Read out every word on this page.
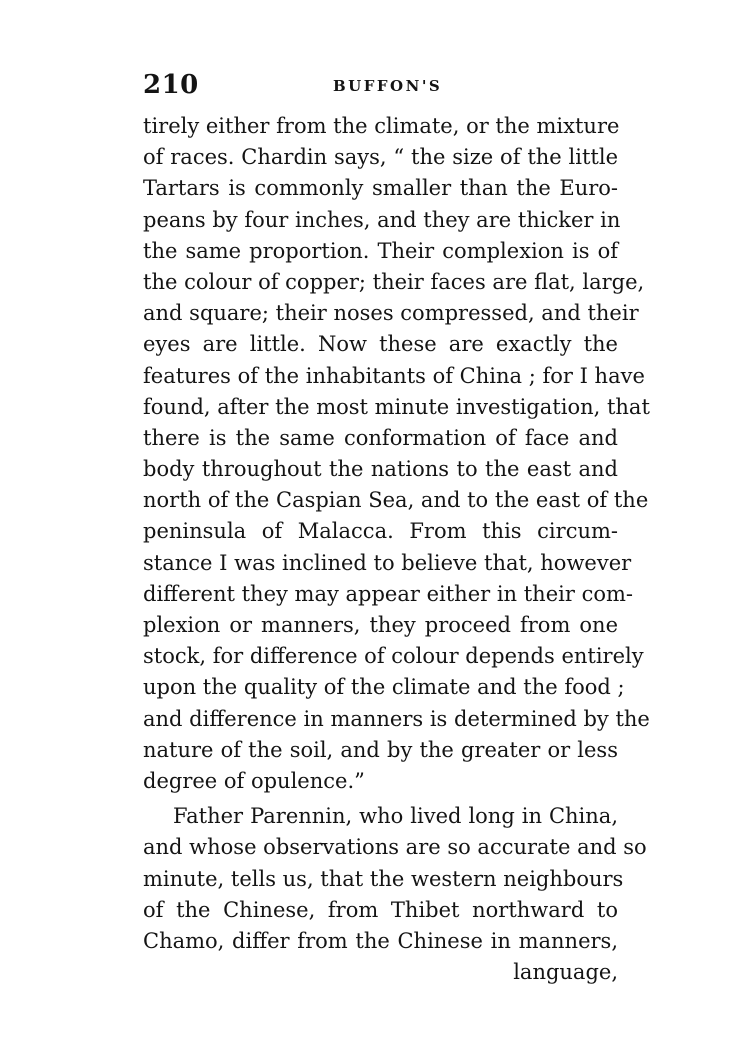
210	BUFFON'S
tirely either from the climate, or the mixture
of races. Chardin says, “ the size of the little
Tartars is commonly smaller than the Euro-
peans by four inches, and they are thicker in
the same proportion. Their complexion is of
the colour of copper; their faces are flat, large,
and square; their noses compressed, and their
eyes are little. Now these are exactly the
features of the inhabitants of China ; for I have
found, after the most minute investigation, that
there is the same conformation of face and
body throughout the nations to the east and
north of the Caspian Sea, and to the east of the
peninsula of Malacca. From this circum-
stance I was inclined to believe that, however
different they may appear either in their com-
plexion or manners, they proceed from one
stock, for difference of colour depends entirely
upon the quality of the climate and the food ;
and difference in manners is determined by the
nature of the soil, and by the greater or less
degree of opulence.”
Father Parennin, who lived long in China,
and whose observations are so accurate and so
minute, tells us, that the western neighbours
of the Chinese, from Thibet northward to
Chamo, differ from the Chinese in manners,
language,
